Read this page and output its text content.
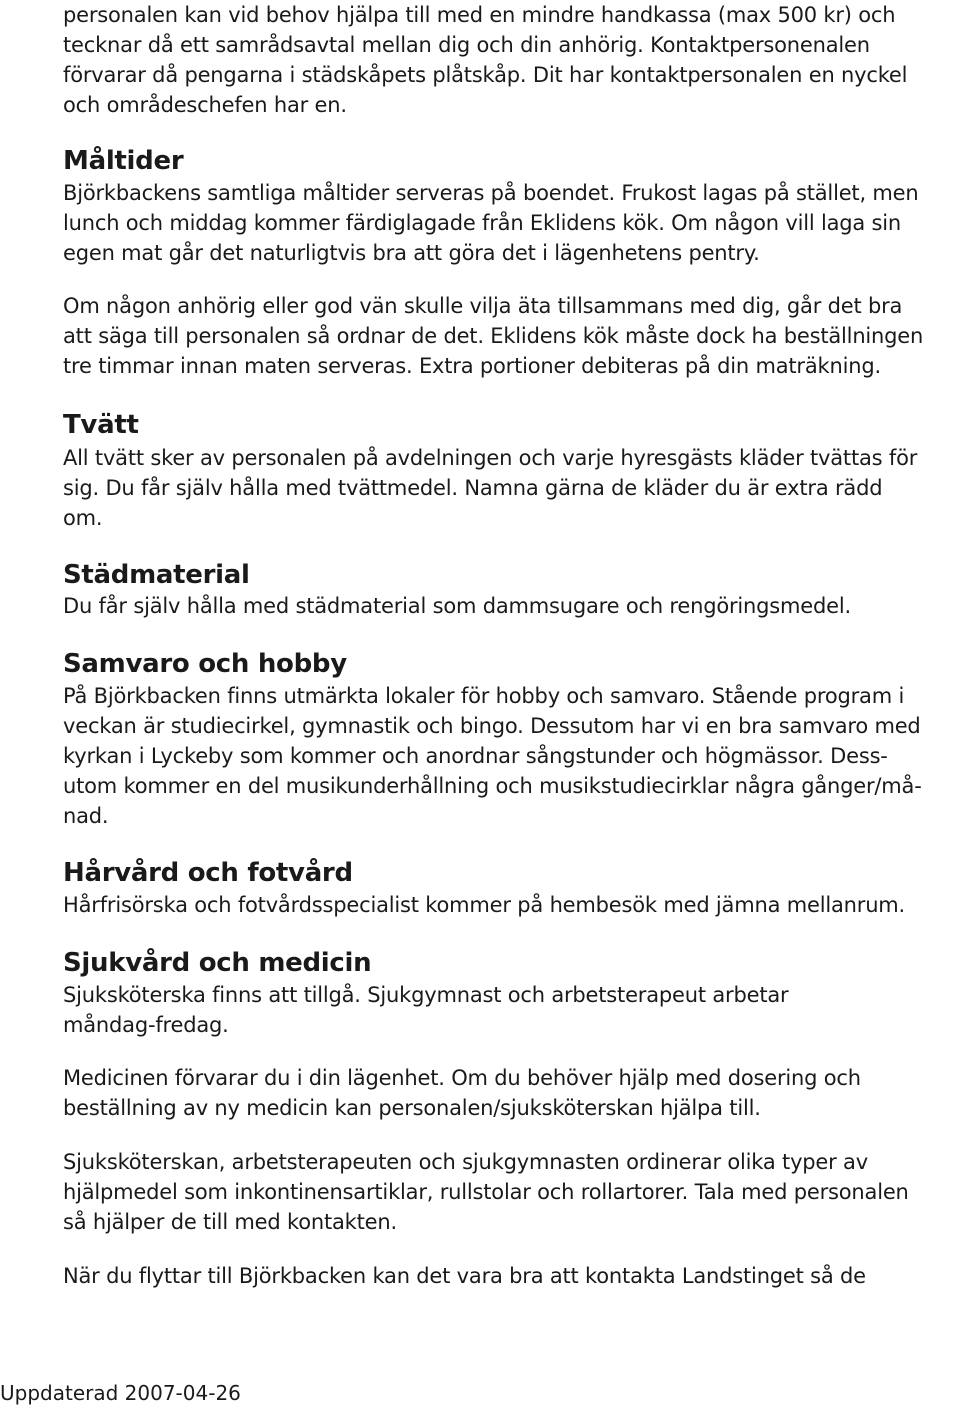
personalen kan vid behov hjälpa till med en mindre handkassa (max 500 kr) och
tecknar då ett samrådsavtal mellan dig och din anhörig. Kontaktpersonenalen
förvarar då pengarna i städskåpets plåtskåp. Dit har kontaktpersonalen en nyckel
och områdeschefen har en.

Måltider

Björkbackens samtliga måltider serveras på boendet. Frukost lagas på stället, men
lunch och middag kommer färdiglagade från Eklidens kök. Om någon vill laga sin
egen mat går det naturligtvis bra att göra det i lägenhetens pentry.

Om någon anhörig eller god vän skulle vilja äta tillsammans med dig, går det bra
att säga till personalen så ordnar de det. Eklidens kök måste dock ha beställningen
tre timmar innan maten serveras. Extra portioner debiteras på din maträkning.

Tvätt

All tvätt sker av personalen på avdelningen och varje hyresgästs kläder tvättas för
sig. Du får själv hålla med tvättmedel. Namna gärna de kläder du är extra rädd
om.

Städmaterial

Du får själv hålla med städmaterial som dammsugare och rengöringsmedel.

Samvaro och hobby

På Björkbacken finns utmärkta lokaler för hobby och samvaro. Stående program i
veckan är studiecirkel, gymnastik och bingo. Dessutom har vi en bra samvaro med
kyrkan i Lyckeby som kommer och anordnar sångstunder och högmässor. Dess-
utom kommer en del musikunderhållning och musikstudiecirklar några gånger/må-
nad.

Hårvård och fotvård

Hårfrisörska och fotvårdsspecialist kommer på hembesök med jämna mellanrum.

Sjukvård och medicin

Sjuksköterska finns att tillgå. Sjukgymnast och arbetsterapeut arbetar
måndag-fredag.

Medicinen förvarar du i din lägenhet. Om du behöver hjälp med dosering och
beställning av ny medicin kan personalen/sjuksköterskan hjälpa till.

Sjuksköterskan, arbetsterapeuten och sjukgymnasten ordinerar olika typer av
hjälpmedel som inkontinensartiklar, rullstolar och rollartorer. Tala med personalen
så hjälper de till med kontakten.

När du flyttar till Björkbacken kan det vara bra att kontakta Landstinget så de

Uppdaterad 2007-04-26
